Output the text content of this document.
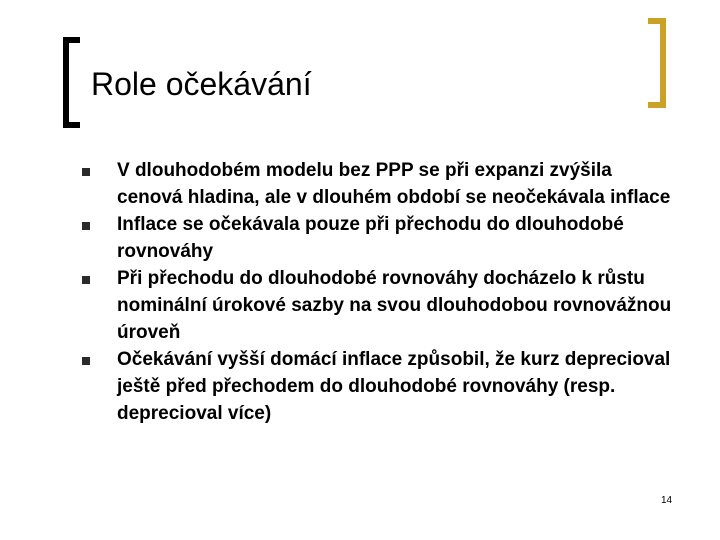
Role očekávání
V dlouhodobém modelu bez PPP se při expanzi zvýšila cenová hladina, ale v dlouhém období se neočekávala inflace
Inflace se očekávala pouze při přechodu do dlouhodobé rovnováhy
Při přechodu do dlouhodobé rovnováhy docházelo k růstu nominální úrokové sazby na svou dlouhodobou rovnovážnou úroveň
Očekávání vyšší domácí inflace způsobil, že kurz deprecioval ještě před přechodem do dlouhodobé rovnováhy (resp. deprecioval více)
14
